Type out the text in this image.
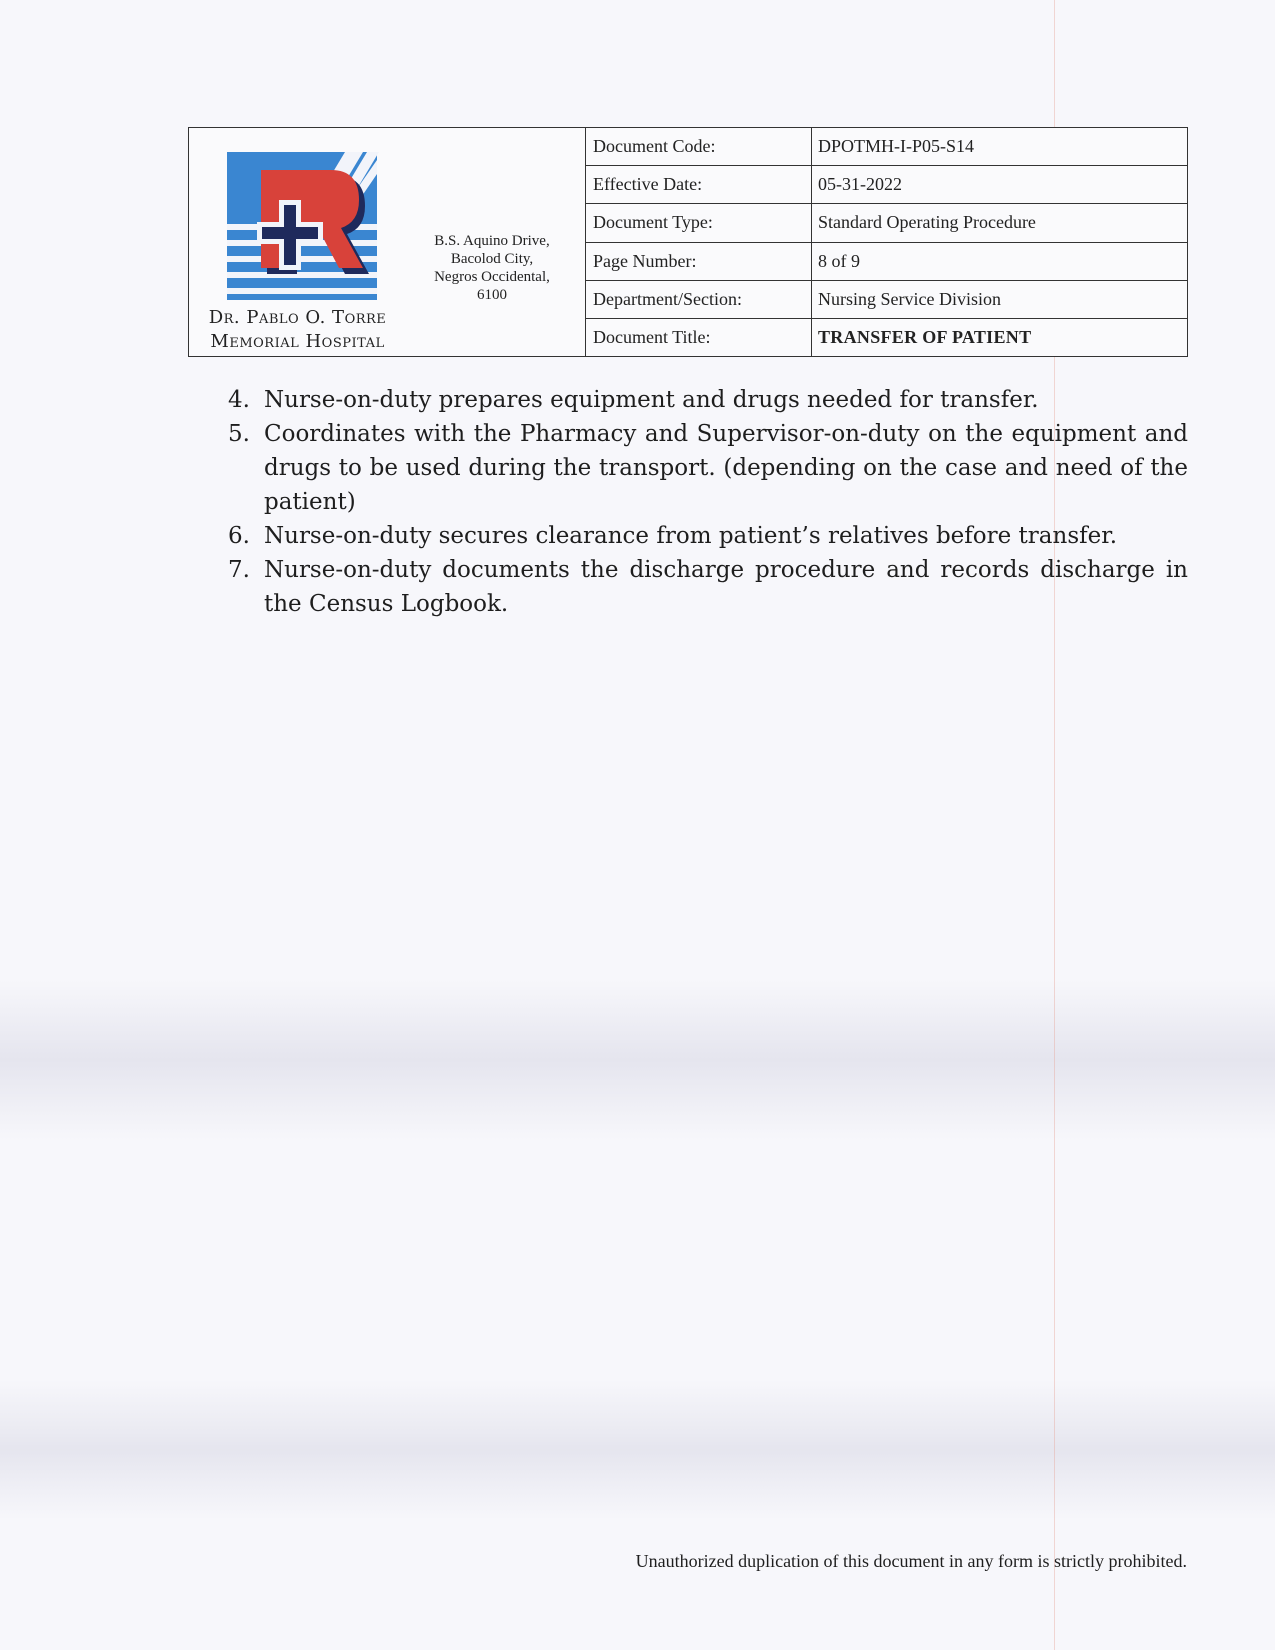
Dr. Pablo O. Torre
Memorial Hospital
B.S. Aquino Drive,
Bacolod City,
Negros Occidental,
6100
Document Code:	DPOTMH-I-P05-S14
Effective Date:	05-31-2022
Document Type:	Standard Operating Procedure
Page Number:	8 of 9
Department/Section:	Nursing Service Division
Document Title:	TRANSFER OF PATIENT
4. Nurse-on-duty prepares equipment and drugs needed for transfer.
5. Coordinates with the Pharmacy and Supervisor-on-duty on the equipment and drugs to be used during the transport. (depending on the case and need of the patient)
6. Nurse-on-duty secures clearance from patient’s relatives before transfer.
7. Nurse-on-duty documents the discharge procedure and records discharge in the Census Logbook.
Unauthorized duplication of this document in any form is strictly prohibited.
